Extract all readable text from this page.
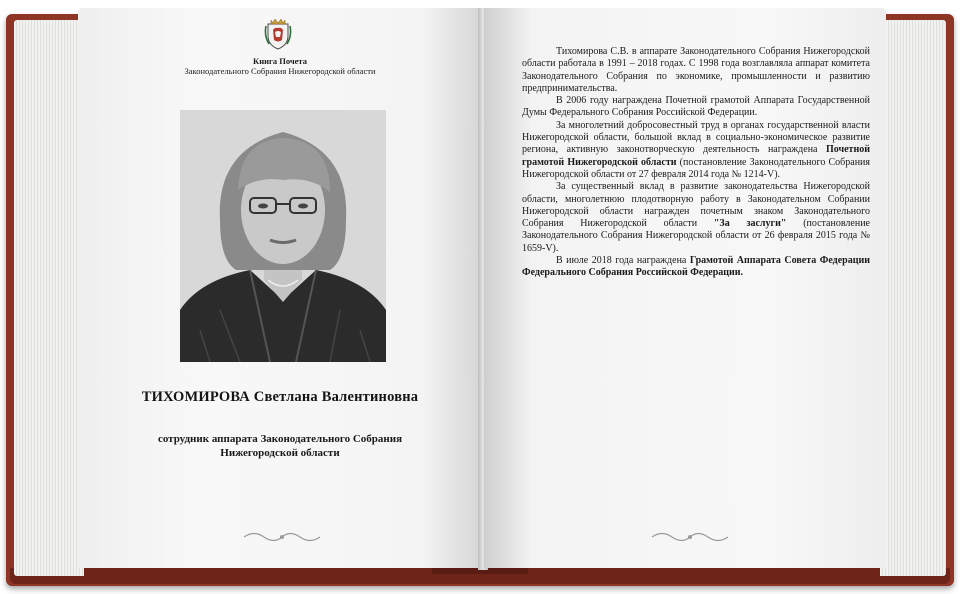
Книга Почета
Законодательного Собрания Нижегородской области
ТИХОМИРОВА Светлана Валентиновна
сотрудник аппарата Законодательного Собрания Нижегородской области

Тихомирова С.В. в аппарате Законодательного Собрания Нижегородской области работала в 1991 – 2018 годах. С 1998 года возглавляла аппарат комитета Законодательного Собрания по экономике, промышленности и развитию предпринимательства.

В 2006 году награждена Почетной грамотой Аппарата Государственной Думы Федерального Собрания Российской Федерации.

За многолетний добросовестный труд в органах государственной власти Нижегородской области, большой вклад в социально-экономическое развитие региона, активную законотворческую деятельность награждена Почетной грамотой Нижегородской области (постановление Законодательного Собрания Нижегородской области от 27 февраля 2014 года № 1214-V).

За существенный вклад в развитие законодательства Нижегородской области, многолетнюю плодотворную работу в Законодательном Собрании Нижегородской области награжден почетным знаком Законодательного Собрания Нижегородской области "За заслуги" (постановление Законодательного Собрания Нижегородской области от 26 февраля 2015 года № 1659-V).

В июле 2018 года награждена Грамотой Аппарата Совета Федерации Федерального Собрания Российской Федерации.
